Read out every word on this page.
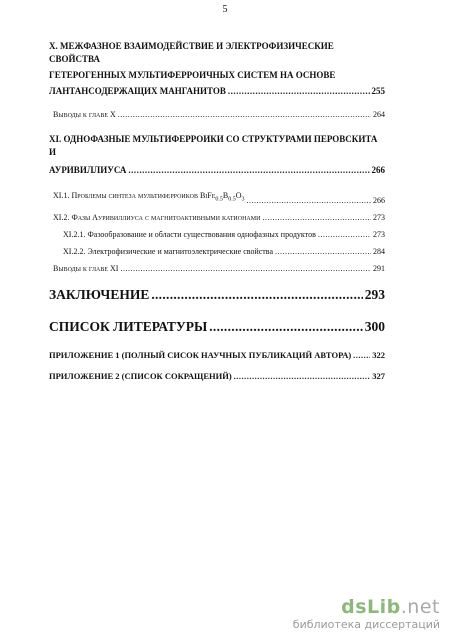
5
X. МЕЖФАЗНОЕ ВЗАИМОДЕЙСТВИЕ И ЭЛЕКТРОФИЗИЧЕСКИЕ СВОЙСТВА
ГЕТЕРОГЕННЫХ МУЛЬТИФЕРРОИЧНЫХ СИСТЕМ НА ОСНОВЕ
ЛАНТАНСОДЕРЖАЩИХ МАНГАНИТОВ .....	255
Выводы к главе X .....	264
XI. ОДНОФАЗНЫЕ МУЛЬТИФЕРРОИКИ СО СТРУКТУРАМИ ПЕРОВСКИТА И
АУРИВИЛЛИУСА .....	266
XI.1. Проблемы синтеза мультиферроиков $BiFe_{0.5}B_{0.5}O_3$ .....	266
XI.2. Фазы Ауривиллиуса с магнитоактивными катионами .....	273
XI.2.1. Фазообразование и области существования однофазных продуктов .....	273
XI.2.2. Электрофизические и магнитоэлектрические свойства .....	284
Выводы к главе XI .....	291
ЗАКЛЮЧЕНИЕ .....	293
СПИСОК ЛИТЕРАТУРЫ .....	300
ПРИЛОЖЕНИЕ 1 (ПОЛНЫЙ СИСОК НАУЧНЫХ ПУБЛИКАЦИЙ АВТОРА) ..... 322
ПРИЛОЖЕНИЕ 2 (СПИСОК СОКРАЩЕНИЙ) .....	327
dsLib.net
библиотека диссертаций
